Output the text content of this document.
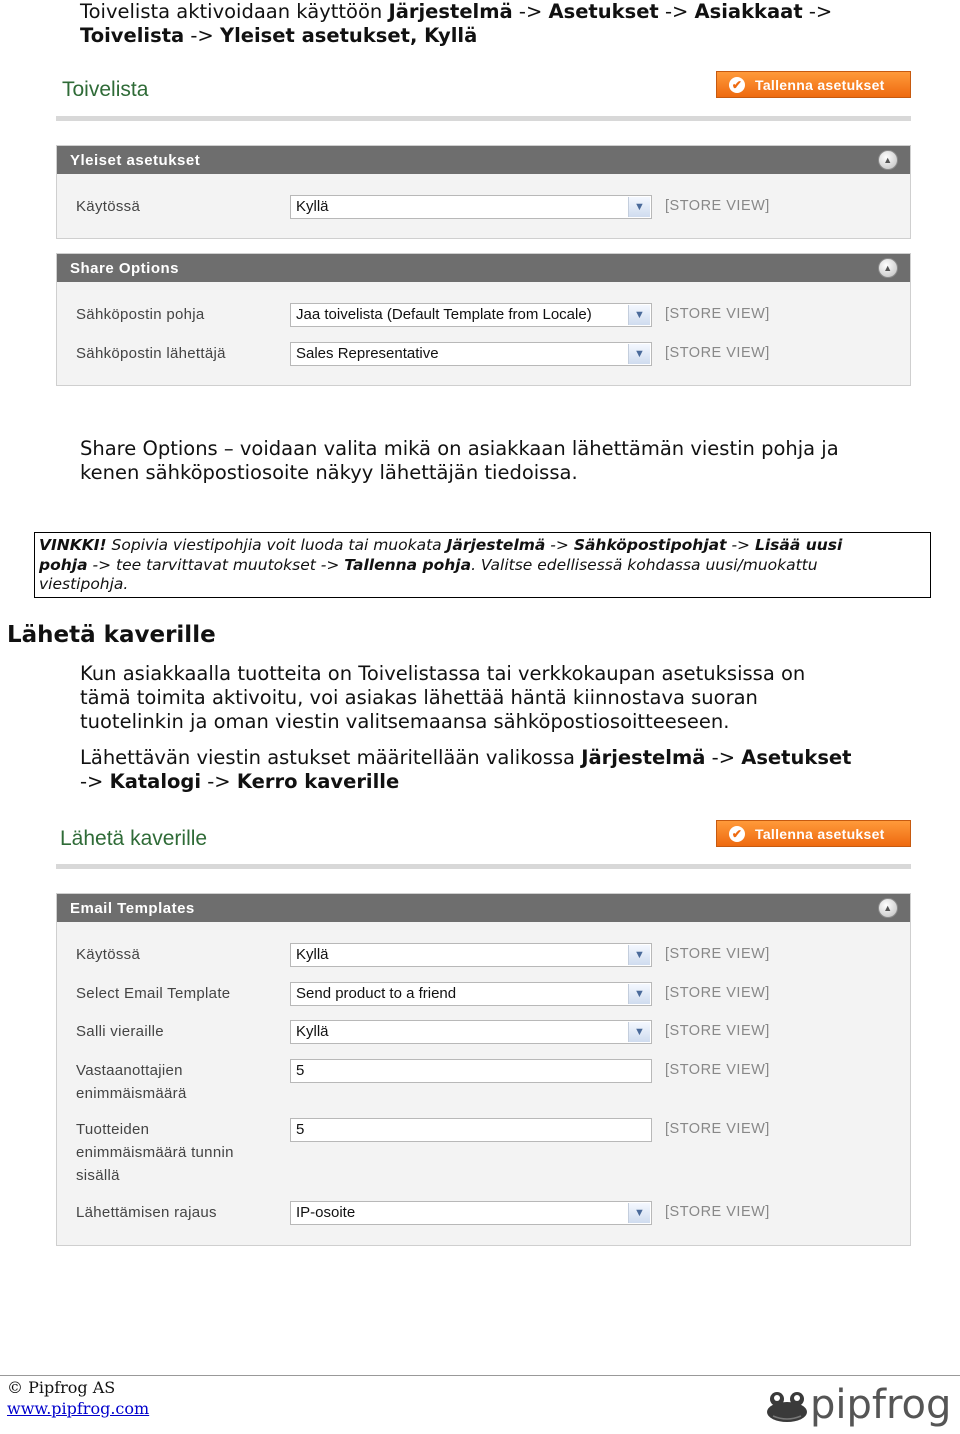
Toivelista aktivoidaan käyttöön Järjestelmä -> Asetukset -> Asiakkaat ->
Toivelista -> Yleiset asetukset, Kyllä
Toivelista	✔ Tallenna asetukset
Yleiset asetukset	▲
Käytössä	Kyllä	▼	[STORE VIEW]
Share Options	▲
Sähköpostin pohja	Jaa toivelista (Default Template from Locale)	▼	[STORE VIEW]
Sähköpostin lähettäjä	Sales Representative	▼	[STORE VIEW]
Share Options – voidaan valita mikä on asiakkaan lähettämän viestin pohja ja
kenen sähköpostiosoite näkyy lähettäjän tiedoissa.
VINKKI! Sopivia viestipohjia voit luoda tai muokata Järjestelmä -> Sähköpostipohjat -> Lisää uusi
pohja -> tee tarvittavat muutokset -> Tallenna pohja. Valitse edellisessä kohdassa uusi/muokattu
viestipohja.
Lähetä kaverille
Kun asiakkaalla tuotteita on Toivelistassa tai verkkokaupan asetuksissa on
tämä toimita aktivoitu, voi asiakas lähettää häntä kiinnostava suoran
tuotelinkin ja oman viestin valitsemaansa sähköpostiosoitteeseen.
Lähettävän viestin astukset määritellään valikossa Järjestelmä -> Asetukset
-> Katalogi -> Kerro kaverille
Lähetä kaverille	✔ Tallenna asetukset
Email Templates	▲
Käytössä	Kyllä	▼	[STORE VIEW]
Select Email Template	Send product to a friend	▼	[STORE VIEW]
Salli vieraille	Kyllä	▼	[STORE VIEW]
Vastaanottajien
enimmäismäärä
5	[STORE VIEW]
Tuotteiden
enimmäismäärä tunnin
sisällä
5	[STORE VIEW]
Lähettämisen rajaus	IP-osoite	▼	[STORE VIEW]
© Pipfrog AS
www.pipfrog.com	pipfrog
